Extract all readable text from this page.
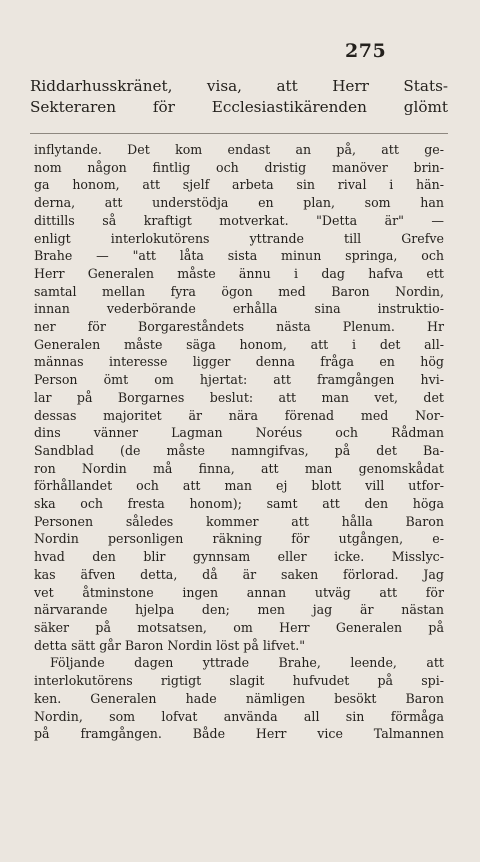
275
Riddarhusskränet, visa, att Herr Stats-
Sekteraren för Ecclesiastikärenden glömt
inflytande. Det kom endast an på, att ge-
nom någon fintlig och dristig manöver brin-
ga honom, att sjelf arbeta sin rival i hän-
derna, att understödja en plan, som han
dittills så kraftigt motverkat. "Detta är" —
enligt interlokutörens yttrande till Grefve
Brahe — "att låta sista minun springa, och
Herr Generalen måste ännu i dag hafva ett
samtal mellan fyra ögon med Baron Nordin,
innan vederbörande erhålla sina instruktio-
ner för Borgareståndets nästa Plenum. Hr
Generalen måste säga honom, att i det all-
männas interesse ligger denna fråga en hög
Person ömt om hjertat: att framgången hvi-
lar på Borgarnes beslut: att man vet, det
dessas majoritet är nära förenad med Nor-
dins vänner Lagman Noréus och Rådman
Sandblad (de måste namngifvas, på det Ba-
ron Nordin må finna, att man genomskådat
förhållandet och att man ej blott vill utfor-
ska och fresta honom); samt att den höga
Personen således kommer att hålla Baron
Nordin personligen räkning för utgången, e-
hvad den blir gynnsam eller icke. Misslyc-
kas äfven detta, då är saken förlorad. Jag
vet åtminstone ingen annan utväg att för
närvarande hjelpa den; men jag är nästan
säker på motsatsen, om Herr Generalen på
detta sätt går Baron Nordin löst på lifvet."
Följande dagen yttrade Brahe, leende, att
interlokutörens rigtigt slagit hufvudet på spi-
ken. Generalen hade nämligen besökt Baron
Nordin, som lofvat använda all sin förmåga
på framgången. Både Herr vice Talmannen
